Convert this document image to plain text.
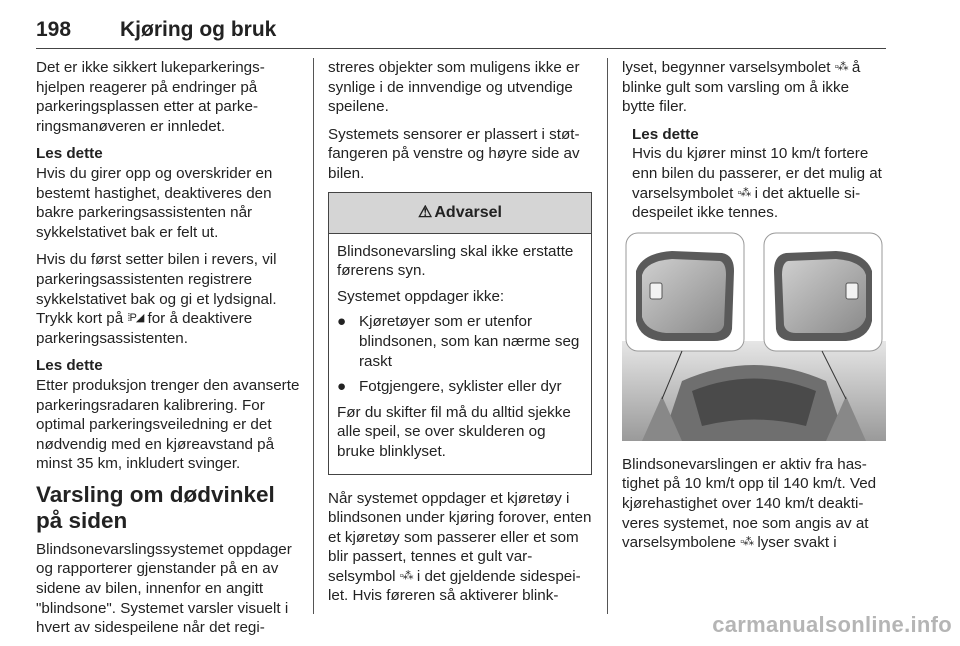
198 Kjøring og bruk

Det er ikke sikkert lukeparkeringshjelpen reagerer på endringer på parkeringsplassen etter at parkeringsmanøveren er innledet.

Les dette
Hvis du girer opp og overskrider en bestemt hastighet, deaktiveres den bakre parkeringsassistenten når sykkelstativet bak er felt ut.

Hvis du først setter bilen i revers, vil parkeringsassistenten registrere sykkelstativet bak og gi et lydsignal. Trykk kort på ⁞P◢ for å deaktivere parkeringsassistenten.

Les dette
Etter produksjon trenger den avanserte parkeringsradaren kalibrering. For optimal parkeringsveiledning er det nødvendig med en kjøreavstand på minst 35 km, inkludert svinger.
Varsling om dødvinkel på siden

Blindsonevarslingssystemet oppdager og rapporterer gjenstander på en av sidene av bilen, innenfor en angitt "blindsone". Systemet varsler visuelt i hvert av sidespeilene når det regi-

streres objekter som muligens ikke er synlige i de innvendige og utvendige speilene.

Systemets sensorer er plassert i støtfangeren på venstre og høyre side av bilen.

⚠ Advarsel

Blindsonevarsling skal ikke erstatte førerens syn.

Systemet oppdager ikke:

● Kjøretøyer som er utenfor blindsonen, som kan nærme seg raskt
● Fotgjengere, syklister eller dyr

Før du skifter fil må du alltid sjekke alle speil, se over skulderen og bruke blinklyset.

Når systemet oppdager et kjøretøy i blindsonen under kjøring forover, enten et kjøretøy som passerer eller et som blir passert, tennes et gult varselsymbol ▫⁂ i det gjeldende sidespeilet. Hvis føreren så aktiverer blink-

lyset, begynner varselsymbolet ▫⁂ å blinke gult som varsling om å ikke bytte filer.

Les dette
Hvis du kjører minst 10 km/t fortere enn bilen du passerer, er det mulig at varselsymbolet ▫⁂ i det aktuelle sidespeilet ikke tennes.

Blindsonevarslingen er aktiv fra hastighet på 10 km/t opp til 140 km/t. Ved kjørehastighet over 140 km/t deaktiveres systemet, noe som angis av at varselsymbolene ▫⁂ lyser svakt i

carmanualsonline.info
